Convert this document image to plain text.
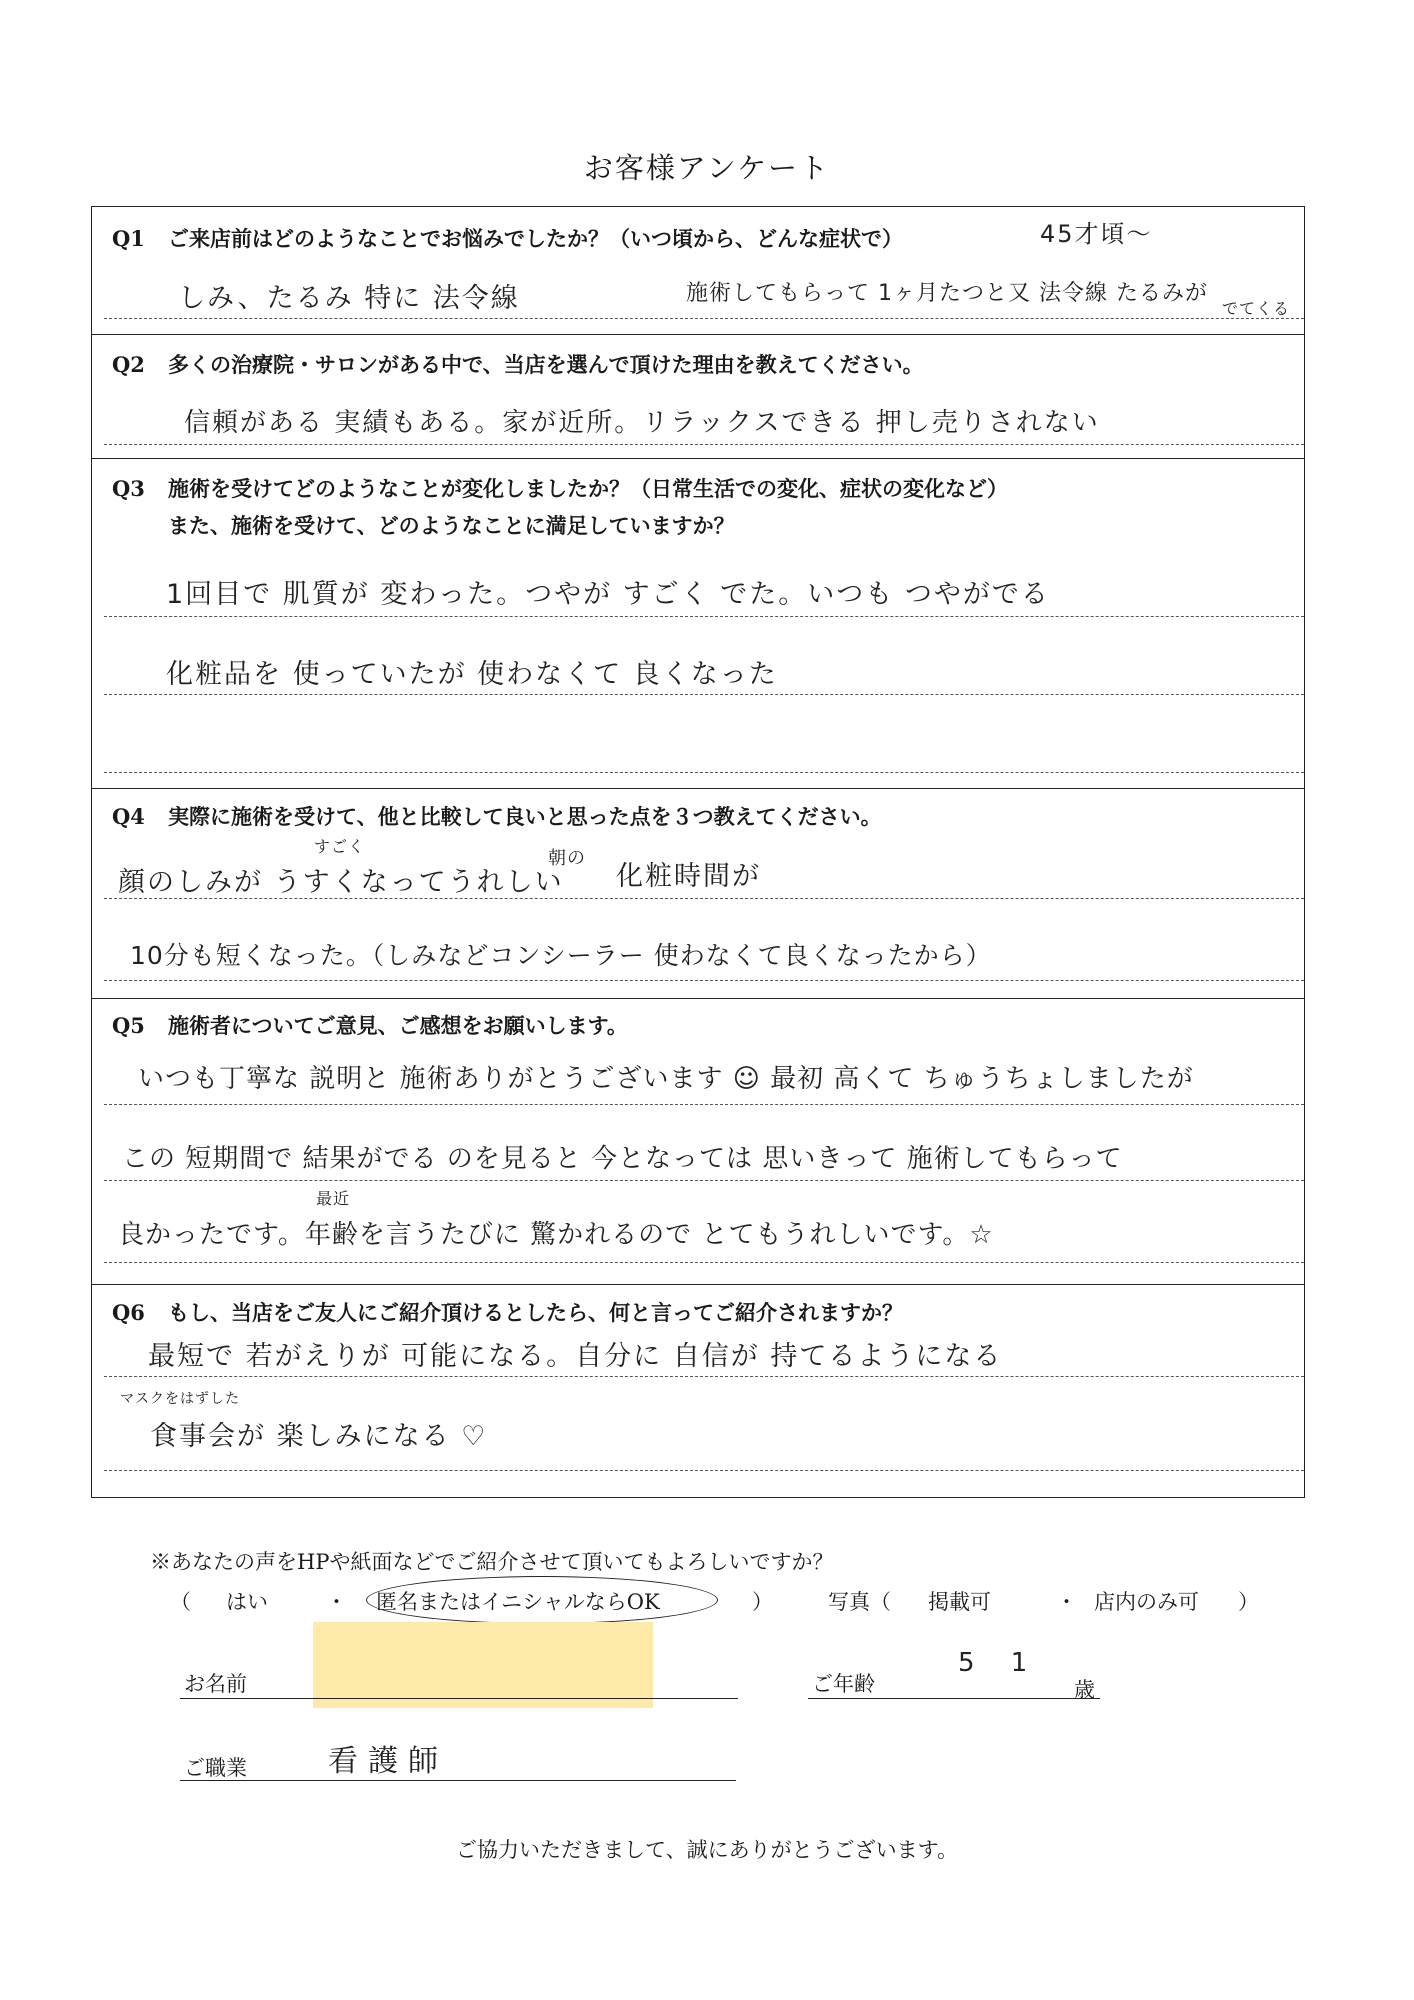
お客様アンケート
Q1 ご来店前はどのようなことでお悩みでしたか？（いつ頃から、どんな症状で）	45才頃～
しみ、たるみ 特に 法令線	施術してもらって 1ヶ月たつと又 法令線 たるみが
でてくる
Q2 多くの治療院・サロンがある中で、当店を選んで頂けた理由を教えてください。
信頼がある 実績もある。家が近所。リラックスできる 押し売りされない
Q3 施術を受けてどのようなことが変化しましたか？（日常生活での変化、症状の変化など）
また、施術を受けて、どのようなことに満足していますか？
1回目で 肌質が 変わった。つやが すごく でた。いつも つやがでる
化粧品を 使っていたが 使わなくて 良くなった
Q4 実際に施術を受けて、他と比較して良いと思った点を３つ教えてください。
すごく
朝の
顔のしみが うすくなってうれしい 化粧時間が
10分も短くなった。（しみなどコンシーラー 使わなくて良くなったから）
Q5 施術者についてご意見、ご感想をお願いします。
いつも丁寧な 説明と 施術ありがとうございます ☺ 最初 高くて ちゅうちょしましたが
この 短期間で 結果がでる のを見ると 今となっては 思いきって 施術してもらって
最近
良かったです。年齢を言うたびに 驚かれるので とてもうれしいです。☆
Q6 もし、当店をご友人にご紹介頂けるとしたら、何と言ってご紹介されますか？
最短で 若がえりが 可能になる。自分に 自信が 持てるようになる
マスクをはずした
食事会が 楽しみになる ♡
※あなたの声をHPや紙面などでご紹介させて頂いてもよろしいですか？
（ はい	・ 匿名またはイニシャルならOK	）	写真（ 掲載可	・ 店内のみ可 ）
お名前	ご年齢
5 1
歳
ご職業	看護師
ご協力いただきまして、誠にありがとうございます。
